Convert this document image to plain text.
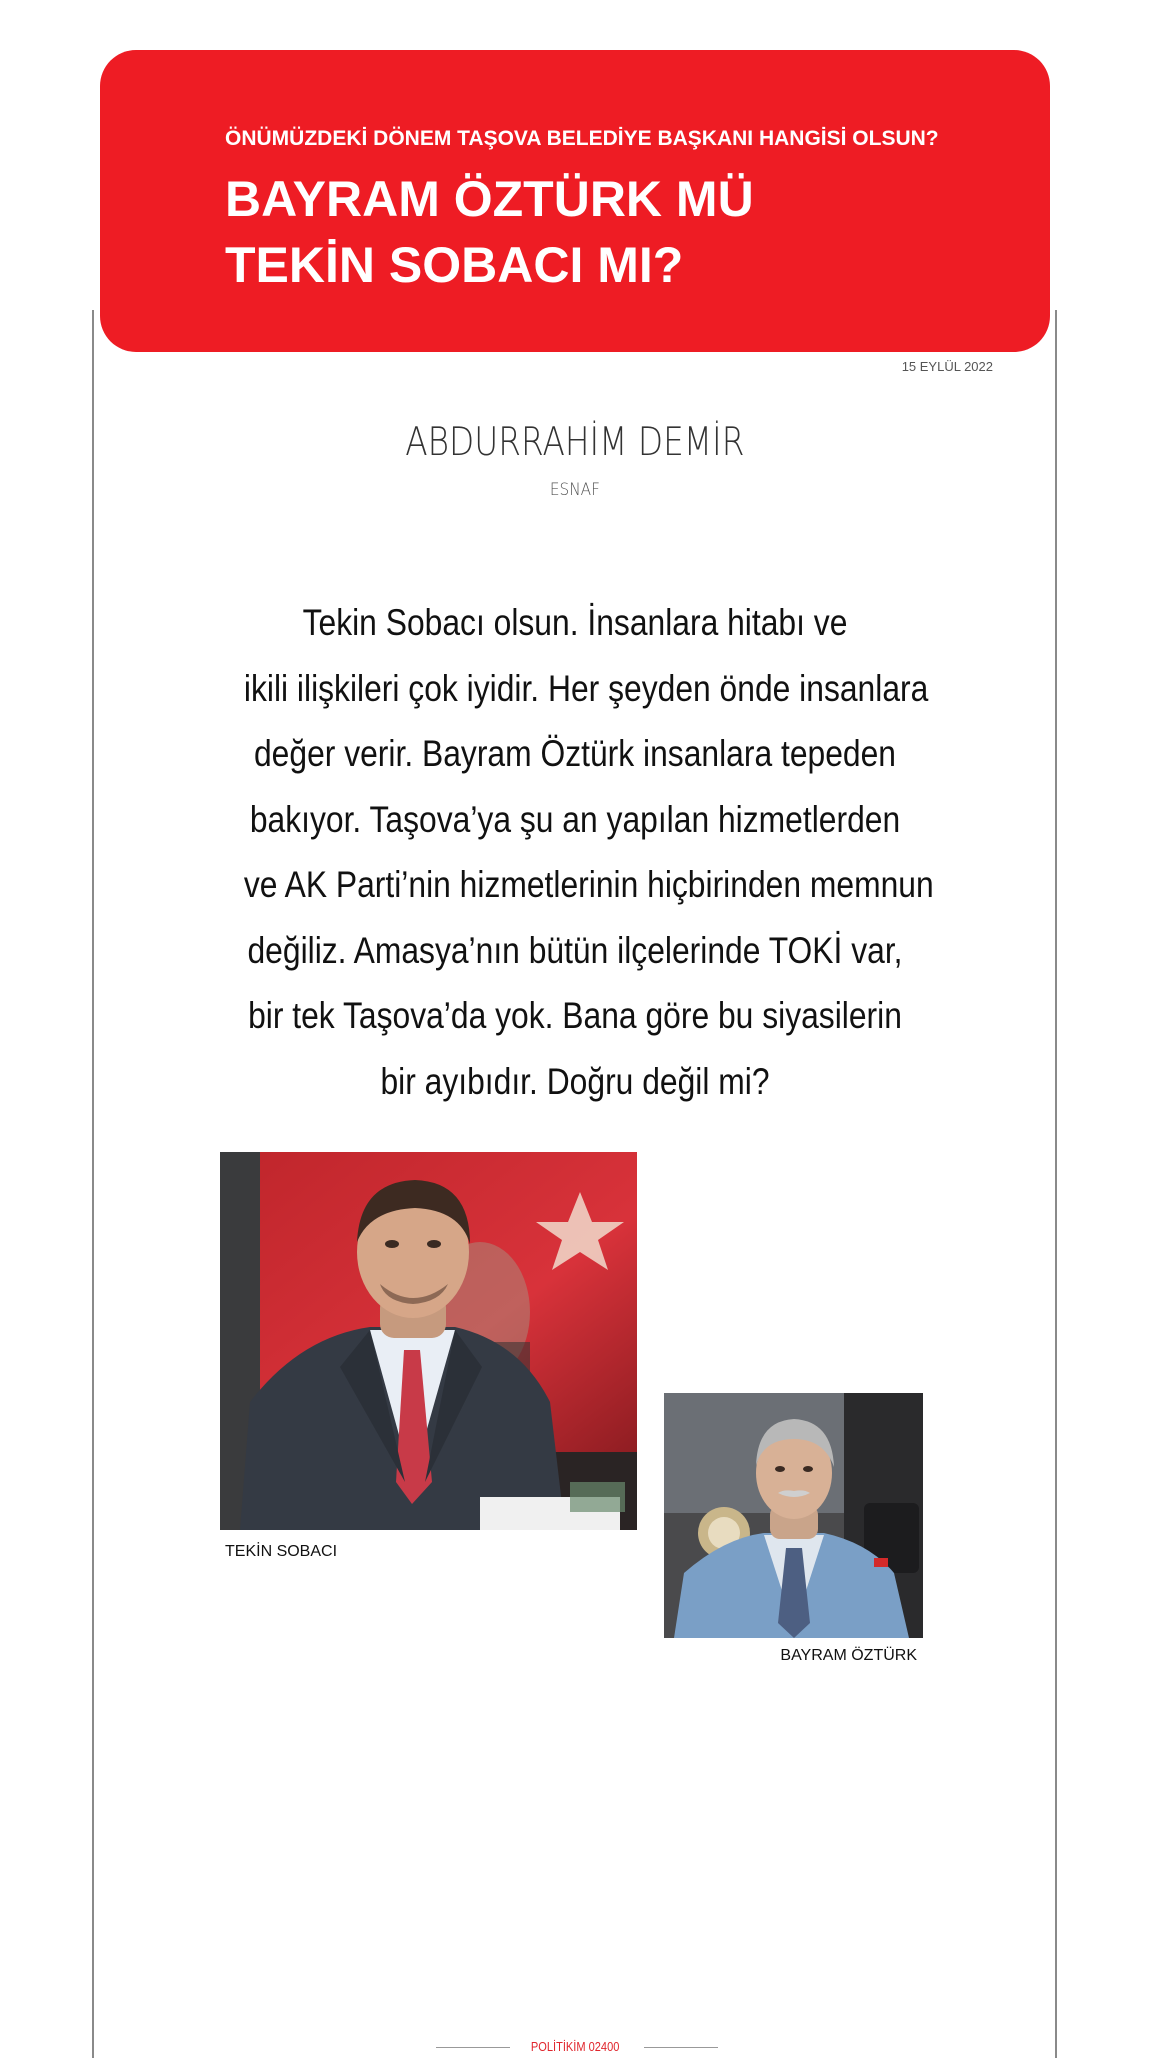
ÖNÜMÜZDEKİ DÖNEM TAŞOVA BELEDİYE BAŞKANI HANGİSİ OLSUN?
BAYRAM ÖZTÜRK MÜ
TEKİN SOBACI MI?
15 EYLÜL 2022
ABDURRAHİM DEMİR
ESNAF
Tekin Sobacı olsun. İnsanlara hitabı ve
ikili ilişkileri çok iyidir. Her şeyden önde insanlara
değer verir. Bayram Öztürk insanlara tepeden
bakıyor. Taşova’ya şu an yapılan hizmetlerden
ve AK Parti’nin hizmetlerinin hiçbirinden memnun
değiliz. Amasya’nın bütün ilçelerinde TOKİ var,
bir tek Taşova’da yok. Bana göre bu siyasilerin
bir ayıbıdır. Doğru değil mi?
TEKİN SOBACI
BAYRAM ÖZTÜRK
POLİTİKİM 02400
